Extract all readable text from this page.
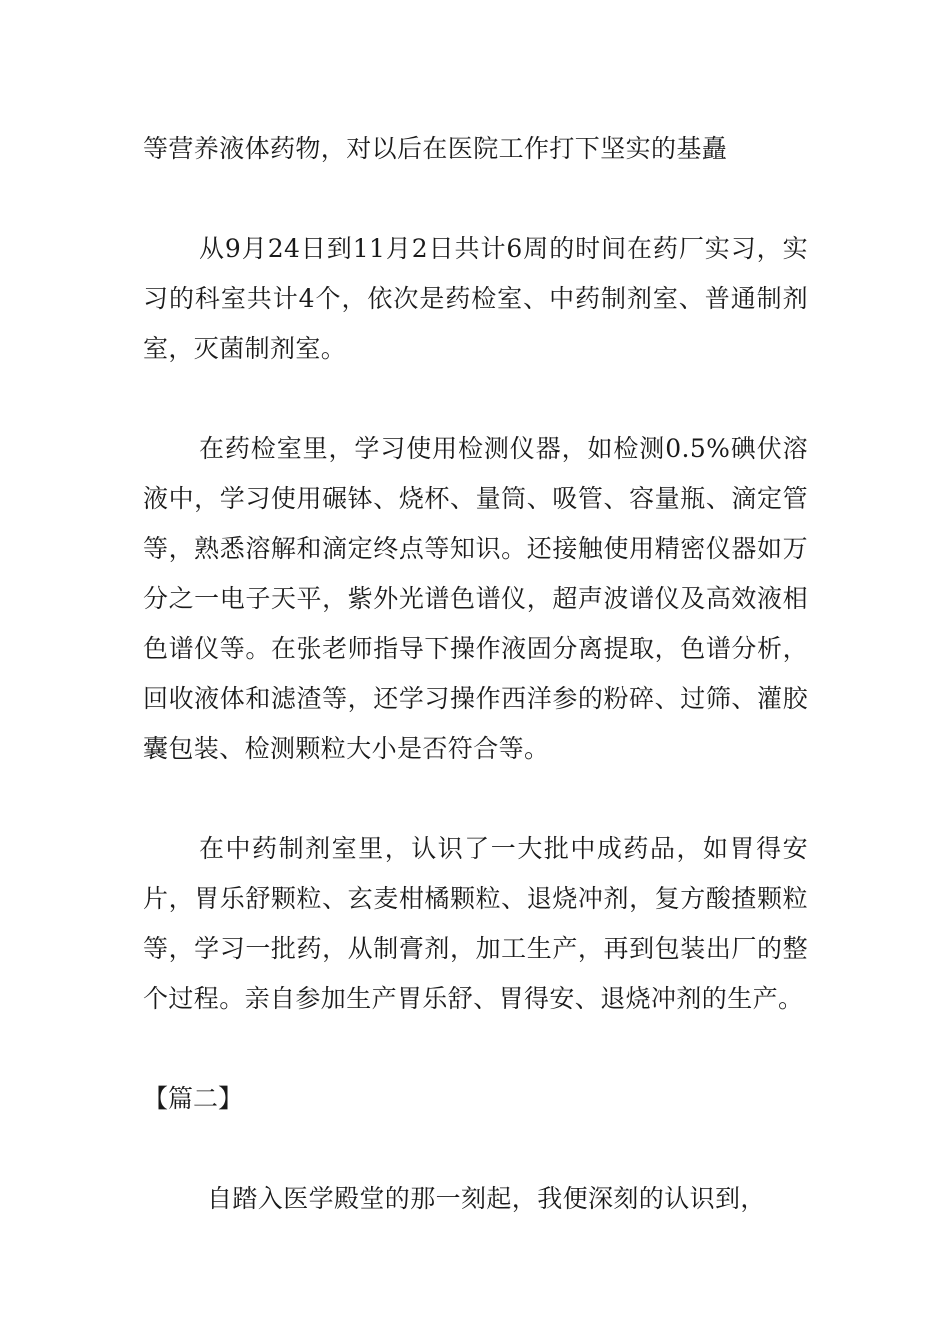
等营养液体药物，对以后在医院工作打下坚实的基矗

从9月24日到11月2日共计6周的时间在药厂实习，实习的科室共计4个，依次是药检室、中药制剂室、普通制剂室，灭菌制剂室。

在药检室里，学习使用检测仪器，如检测0.5%碘伏溶液中，学习使用碾钵、烧杯、量筒、吸管、容量瓶、滴定管等，熟悉溶解和滴定终点等知识。还接触使用精密仪器如万分之一电子天平，紫外光谱色谱仪，超声波谱仪及高效液相色谱仪等。在张老师指导下操作液固分离提取，色谱分析，回收液体和滤渣等，还学习操作西洋参的粉碎、过筛、灌胶囊包装、检测颗粒大小是否符合等。

在中药制剂室里，认识了一大批中成药品，如胃得安片，胃乐舒颗粒、玄麦柑橘颗粒、退烧冲剂，复方酸揸颗粒等，学习一批药，从制膏剂，加工生产，再到包装出厂的整个过程。亲自参加生产胃乐舒、胃得安、退烧冲剂的生产。

【篇二】

自踏入医学殿堂的那一刻起，我便深刻的认识到，
